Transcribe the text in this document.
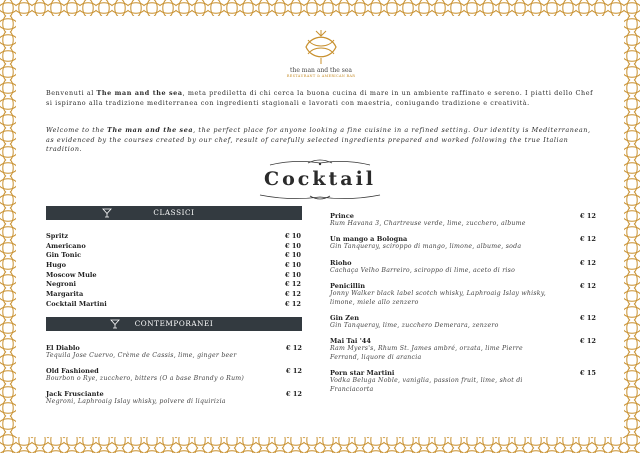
the man and the sea
RESTAURANT & AMERICAN BAR
Benvenuti al The man and the sea, meta prediletta di chi cerca la buona cucina di mare in un ambiente raffinato e sereno. I piatti dello Chef si ispirano alla tradizione mediterranea con ingredienti stagionali e lavorati con maestria, coniugando tradizione e creatività.
Welcome to the The man and the sea, the perfect place for anyone looking a fine cuisine in a refined setting. Our identity is Mediterranean, as evidenced by the courses created by our chef, result of carefully selected ingredients prepared and worked following the true Italian tradition.
Cocktail
CLASSICI
Spritz	€ 10
Americano	€ 10
Gin Tonic	€ 10
Hugo	€ 10
Moscow Mule	€ 10
Negroni	€ 12
Margarita	€ 12
Cocktail Martini	€ 12
CONTEMPORANEI
El Diablo	€ 12
Tequila Jose Cuervo, Crème de Cassis, lime, ginger beer
Old Fashioned	€ 12
Bourbon o Rye, zucchero, bitters (O a base Brandy o Rum)
Jack Frusciante	€ 12
Negroni, Laphroaig Islay whisky, polvere di liquirizia
Prince	€ 12
Rum Havana 3, Chartreuse verde, lime, zucchero, albume
Un mango a Bologna	€ 12
Gin Tanqueray, sciroppo di mango, limone, albume, soda
Rioho	€ 12
Cachaça Velho Barreiro, sciroppo di lime, aceto di riso
Penicillin	€ 12
Jonny Walker black label scotch whisky, Laphroaig Islay whisky, limone, miele allo zenzero
Gin Zen	€ 12
Gin Tanqueray, lime, zucchero Demerara, zenzero
Mai Tai '44	€ 12
Ram Myers's, Rhum St. James ambré, orzata, lime Pierre Ferrand, liquore di arancia
Porn star Martini	€ 15
Vodka Beluga Noble, vaniglia, passion fruit, lime, shot di Franciacorta
